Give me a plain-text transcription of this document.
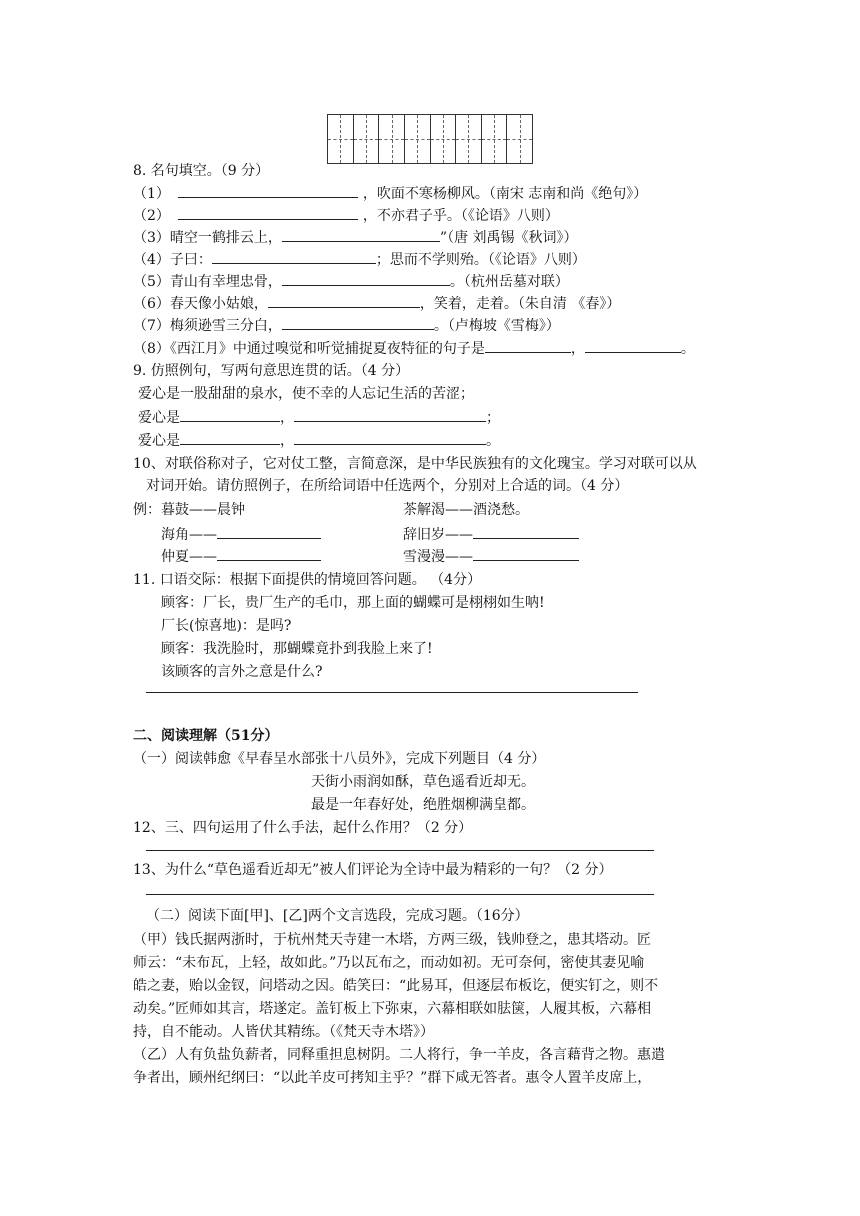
8. 名句填空。（9 分）
（1）	，吹面不寒杨柳风。（南宋 志南和尚《绝句》）
（2）	，不亦君子乎。（《论语》八则）
（3）晴空一鹤排云上，	”（唐 刘禹锡《秋词》）
（4）子曰：	；思而不学则殆。（《论语》八则）
（5）青山有幸埋忠骨，	。（杭州岳墓对联）
（6）春天像小姑娘，	，笑着，走着。（朱自清 《春》）
（7）梅须逊雪三分白，	。（卢梅坡《雪梅》）
（8）《西江月》中通过嗅觉和听觉捕捉夏夜特征的句子是	，	。
9. 仿照例句，写两句意思连贯的话。（4 分）
爱心是一股甜甜的泉水，使不幸的人忘记生活的苦涩；
爱心是	，	；
爱心是	，	。
10、对联俗称对子，它对仗工整，言简意深，是中华民族独有的文化瑰宝。学习对联可以从
对词开始。请仿照例子，在所给词语中任选两个，分别对上合适的词。（4 分）
例： 暮鼓——晨钟	茶解渴——酒浇愁。
海角——	辞旧岁——
仲夏——	雪漫漫——
11. 口语交际：根据下面提供的情境回答问题。 （4分）
顾客：厂长，贵厂生产的毛巾，那上面的蝴蝶可是栩栩如生呐!
厂长(惊喜地)：是吗?
顾客：我洗脸时，那蝴蝶竟扑到我脸上来了!
该顾客的言外之意是什么?
二、阅读理解（51分）
（一）阅读韩愈《早春呈水部张十八员外》，完成下列题目（4 分）
天街小雨润如酥，草色遥看近却无。
最是一年春好处，绝胜烟柳满皇都。
12、三、四句运用了什么手法，起什么作用？（2 分）
13、为什么“草色遥看近却无”被人们评论为全诗中最为精彩的一句？（2 分）
（二）阅读下面[甲]、[乙]两个文言选段，完成习题。（16分）
（甲）钱氏据两浙时，于杭州梵天寺建一木塔，方两三级，钱帅登之，患其塔动。匠
师云：“未布瓦，上轻，故如此。”乃以瓦布之，而动如初。无可奈何，密使其妻见喻
皓之妻，贻以金钗，问塔动之因。皓笑曰：“此易耳，但逐层布板讫，便实钉之，则不
动矣。”匠师如其言，塔遂定。盖钉板上下弥束，六幕相联如胠箧，人履其板，六幕相
持，自不能动。人皆伏其精练。（《梵天寺木塔》）
（乙）人有负盐负薪者，同释重担息树阴。二人将行，争一羊皮，各言藉背之物。惠遣
争者出，顾州纪纲曰：“以此羊皮可拷知主乎？”群下咸无答者。惠令人置羊皮席上，
